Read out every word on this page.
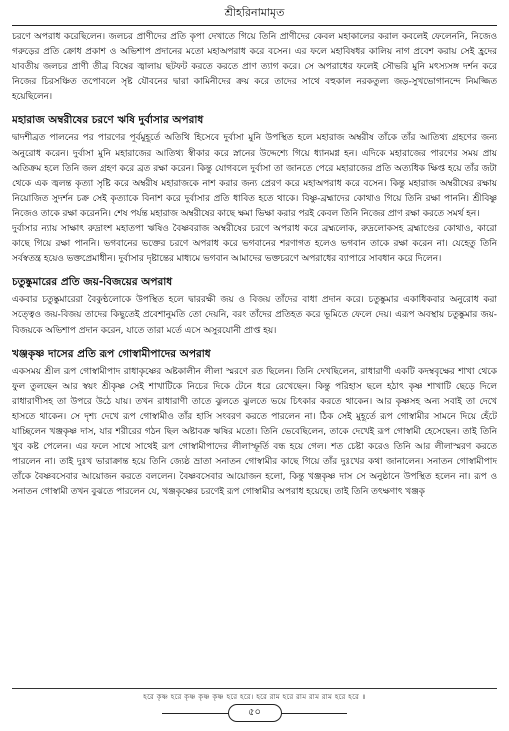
শ্রীহরিনামামৃত

চরণে অপরাধ করেছিলেন। জলচর প্রাণীদের প্রতি কৃপা দেখাতে গিয়ে তিনি প্রাণীদের কেবল মহাকালের করাল কবলেই ফেলেননি, নিজেও গরুড়ের প্রতি ক্রোধ প্রকাশ ও অভিশাপ প্রদানের মতো মহাঅপরাধ করে বসেন। এর ফলে মহাবিষধর কালিয় নাগ প্রবেশ করায় সেই হ্রদের যাবতীয় জলচর প্রাণী তীব্র বিষের জ্বালায় ছটফট করতে করতে প্রাণ ত্যাগ করে। সে অপরাধের ফলেই সৌভরি মুনি মৎস্যসঙ্গ দর্শন করে নিজের চিরসঞ্চিত তপোবলে সৃষ্ট যৌবনের দ্বারা কামিনীদের ক্রয় করে তাদের সাথে বহুকাল নরকতুল্য জড়-সুখভোগানন্দে নিমজ্জিত হয়েছিলেন।

মহারাজ অম্বরীষের চরণে ঋষি দুর্বাসার অপরাধ

দ্বাদশীব্রত পালনের পর পারণের পূর্বমুহূর্তে অতিথি হিসেবে দুর্বাসা মুনি উপস্থিত হলে মহারাজ অম্বরীষ তাঁকে তাঁর আতিথ্য গ্রহণের জন্য অনুরোধ করেন। দুর্বাসা মুনি মহারাজের আতিথ্য স্বীকার করে স্নানের উদ্দেশ্যে গিয়ে ধ্যানমগ্ন হন। এদিকে মহারাজের পারণের সময় প্রায় অতিক্রম হলে তিনি জল গ্রহণ করে ব্রত রক্ষা করেন। কিন্তু যোগবলে দুর্বাসা তা জানতে পেরে মহারাজের প্রতি অত্যধিক ক্ষিপ্ত হয়ে তাঁর জটা থেকে এক জ্বলন্ত কৃত্যা সৃষ্টি করে অম্বরীষ মহারাজকে নাশ করার জন্য প্রেরণ করে মহাঅপরাধ করে বসেন। কিন্তু মহারাজ অম্বরীষের রক্ষায় নিয়োজিত সুদর্শন চক্র সেই কৃত্যাকে বিনাশ করে দুর্বাসার প্রতি ধাবিত হতে থাকে। বিষ্ণু-ব্রহ্মাদের কোথাও গিয়ে তিনি রক্ষা পাননি। শ্রীবিষ্ণু নিজেও তাকে রক্ষা করেননি। শেষ পর্যন্ত মহারাজ অম্বরীষের কাছে ক্ষমা ভিক্ষা করার পরই কেবল তিনি নিজের প্রাণ রক্ষা করতে সমর্থ হন।

দুর্বাসার ন্যায় সাক্ষাৎ রুদ্রাংশ মহাতপা ঋষিও বৈষ্ণবরাজ অম্বরীষের চরণে অপরাধ করে ব্রহ্মলোক, রুদ্রলোকসহ ব্রহ্মাণ্ডের কোথাও, কারো কাছে গিয়ে রক্ষা পাননি। ভগবানের ভক্তের চরণে অপরাধ করে ভগবানের শরণাগত হলেও ভগবান তাকে রক্ষা করেন না। যেহেতু তিনি সর্বস্বতন্ত্র হয়েও ভক্তপ্রেমাধীন। দুর্বাসার দৃষ্টান্তের মাধ্যমে ভগবান আমাদের ভক্তচরণে অপরাধের ব্যাপারে সাবধান করে দিলেন।

চতুষ্কুমারের প্রতি জয়-বিজয়ের অপরাধ

একবার চতুষ্কুমারেরা বৈকুণ্ঠলোকে উপস্থিত হলে দ্বাররক্ষী জয় ও বিজয় তাঁদের বাধা প্রদান করে। চতুষ্কুমার একাধিকবার অনুরোধ করা সত্ত্বেও জয়-বিজয় তাদের কিছুতেই প্রবেশানুমতি তো দেয়নি, বরং তাঁদের প্রতিহত করে ভূমিতে ফেলে দেয়। এরূপ অবস্থায় চতুষ্কুমার জয়-বিজয়কে অভিশাপ প্রদান করেন, যাতে তারা মর্তে এসে অসুরযোনী প্রাপ্ত হয়।

খঞ্জকৃষ্ণ দাসের প্রতি রূপ গোস্বামীপাদের অপরাধ

একসময় শ্রীল রূপ গোস্বামীপাদ রাধাকৃষ্ণের অষ্টকালীন লীলা স্মরণে রত ছিলেন। তিনি দেখছিলেন, রাধারাণী একটি কদম্ববৃক্ষের শাখা থেকে ফুল তুলছেন আর স্বয়ং শ্রীকৃষ্ণ সেই শাখাটিকে নিচের দিকে টেনে ধরে রেখেছেন। কিন্তু পরিহাস ছলে হঠাৎ কৃষ্ণ শাখাটি ছেড়ে দিলে রাধারাণীসহ তা উপরে উঠে যায়। তখন রাধারাণী তাতে ঝুলতে ঝুলতে ভয়ে চিৎকার করতে থাকেন। আর কৃষ্ণসহ অন্য সবাই তা দেখে হাসতে থাকেন। সে দৃশ্য দেখে রূপ গোস্বামীও তাঁর হাসি সংবরণ করতে পারলেন না। ঠিক সেই মুহূর্তে রূপ গোস্বামীর সামনে দিয়ে হেঁটে যাচ্ছিলেন খঞ্জকৃষ্ণ দাস, যার শরীরের গঠন ছিল অষ্টাবক্র ঋষির মতো। তিনি ভেবেছিলেন, তাকে দেখেই রূপ গোস্বামী হেসেছেন। তাই তিনি খুব কষ্ট পেলেন। এর ফলে সাথে সাথেই রূপ গোস্বামীপাদের লীলাস্ফূর্তি বন্ধ হয়ে গেল। শত চেষ্টা করেও তিনি আর লীলাস্মরণ করতে পারলেন না। তাই দুঃখ ভারাক্রান্ত হয়ে তিনি জ্যেষ্ঠ ভ্রাতা সনাতন গোস্বামীর কাছে গিয়ে তাঁর দুঃখের কথা জানালেন। সনাতন গোস্বামীপাদ তাঁকে বৈষ্ণবসেবার আয়োজন করতে বললেন। বৈষ্ণবসেবার আয়োজন হলো, কিন্তু খঞ্জকৃষ্ণ দাস সে অনুষ্ঠানে উপস্থিত হলেন না। রূপ ও সনাতন গোস্বামী তখন বুঝতে পারলেন যে, খঞ্জকৃষ্ণের চরণেই রূপ গোস্বামীর অপরাধ হয়েছে। তাই তিনি তৎক্ষণাৎ খঞ্জকৃ

হরে কৃষ্ণ হরে কৃষ্ণ কৃষ্ণ কৃষ্ণ হরে হরে। হরে রাম হরে রাম রাম রাম হরে হরে ॥
৫০
